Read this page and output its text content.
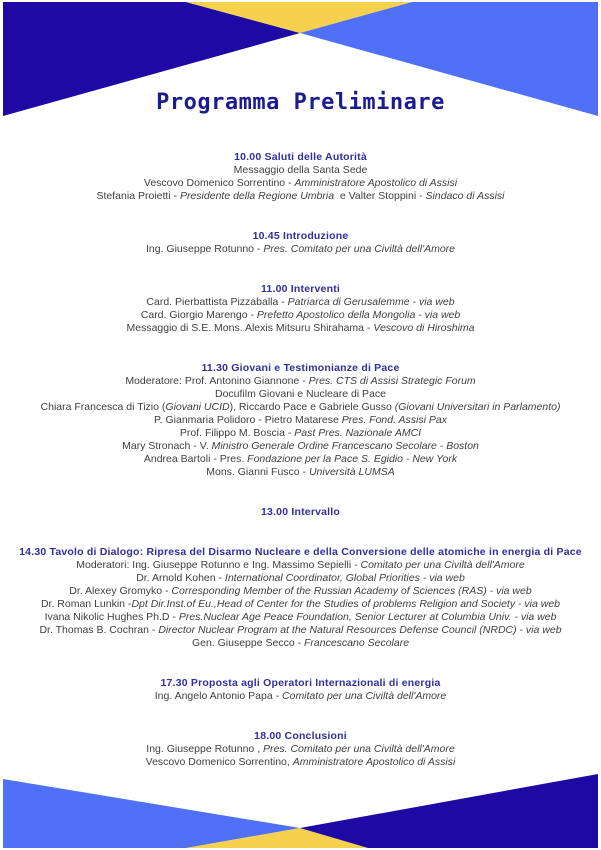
Programma Preliminare
10.00 Saluti delle Autorità
Messaggio della Santa Sede
Vescovo Domenico Sorrentino - Amministratore Apostolico di Assisi
Stefania Proietti - Presidente della Regione Umbria  e Valter Stoppini - Sindaco di Assisi
10.45 Introduzione
Ing. Giuseppe Rotunno - Pres. Comitato per una Civiltà dell'Amore
11.00 Interventi
Card. Pierbattista Pizzaballa - Patriarca di Gerusalemme - via web
Card. Giorgio Marengo - Prefetto Apostolico della Mongolia - via web
Messaggio di S.E. Mons. Alexis Mitsuru Shirahama - Vescovo di Hiroshima
11.30 Giovani e Testimonianze di Pace
Moderatore: Prof. Antonino Giannone - Pres. CTS di Assisi Strategic Forum
Docufilm Giovani e Nucleare di Pace
Chiara Francesca di Tizio (Giovani UCID), Riccardo Pace e Gabriele Gusso (Giovani Universitari in Parlamento)
P. Gianmaria Polidoro - Pietro Matarese Pres. Fond. Assisi Pax
Prof. Filippo M. Boscia - Past Pres. Nazionale AMCI
Mary Stronach - V. Ministro Generale Ordine Francescano Secolare - Boston
Andrea Bartoli - Pres. Fondazione per la Pace S. Egidio - New York
Mons. Gianni Fusco - Università LUMSA
13.00 Intervallo
14.30 Tavolo di Dialogo: Ripresa del Disarmo Nucleare e della Conversione delle atomiche in energia di Pace
Moderatori: Ing. Giuseppe Rotunno e Ing. Massimo Sepielli - Comitato per una Civiltà dell'Amore
Dr. Arnold Kohen - International Coordinator, Global Priorities - via web
Dr. Alexey Gromyko - Corresponding Member of the Russian Academy of Sciences (RAS) - via web
Dr. Roman Lunkin -Dpt Dir.Inst.of Eu.,Head of Center for the Studies of problems Religion and Society - via web
Ivana Nikolic Hughes Ph.D - Pres.Nuclear Age Peace Foundation, Senior Lecturer at Columbia Univ. - via web
Dr. Thomas B. Cochran - Director Nuclear Program at the Natural Resources Defense Council (NRDC) - via web
Gen. Giuseppe Secco - Francescano Secolare
17.30 Proposta agli Operatori Internazionali di energia
Ing. Angelo Antonio Papa - Comitato per una Civiltà dell'Amore
18.00 Conclusioni
Ing. Giuseppe Rotunno , Pres. Comitato per una Civiltà dell'Amore
Vescovo Domenico Sorrentino, Amministratore Apostolico di Assisi
